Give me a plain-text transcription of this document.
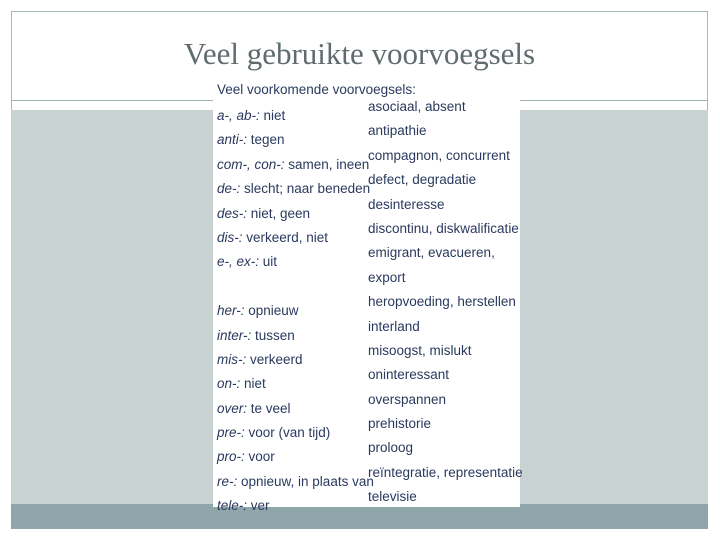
Veel gebruikte voorvoegsels
Veel voorkomende voorvoegsels:
a-, ab-: niet
anti-: tegen
com-, con-: samen, ineen
de-: slecht; naar beneden
des-: niet, geen
dis-: verkeerd, niet
e-, ex-: uit
her-: opnieuw
inter-: tussen
mis-: verkeerd
on-: niet
over: te veel
pre-: voor (van tijd)
pro-: voor
re-: opnieuw, in plaats van
tele-: ver
asociaal, absent
antipathie
compagnon, concurrent
defect, degradatie
desinteresse
discontinu, diskwalificatie
emigrant, evacueren,
export
heropvoeding, herstellen
interland
misoogst, mislukt
oninteressant
overspannen
prehistorie
proloog
reïntegratie, representatie
televisie
